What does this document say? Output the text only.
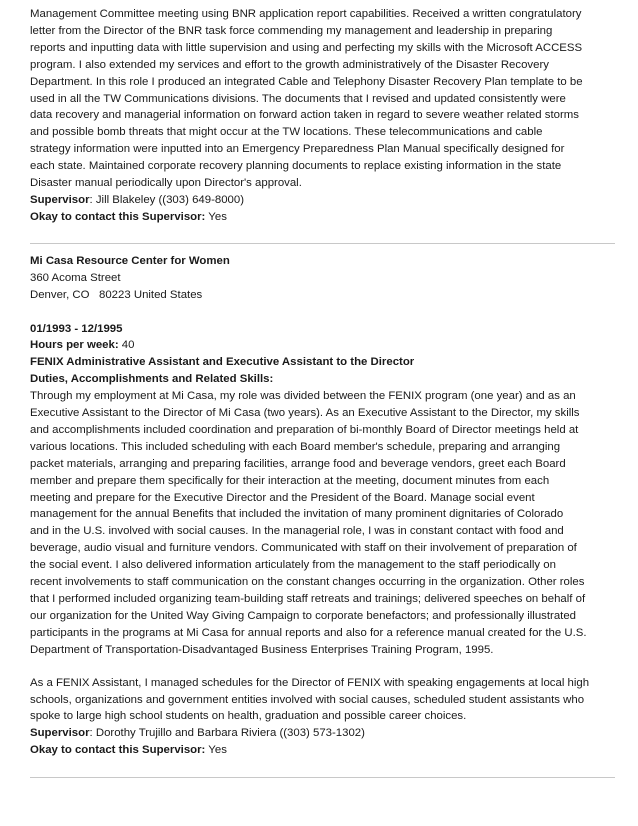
Management Committee meeting using BNR application report capabilities. Received a written congratulatory
letter from the Director of the BNR task force commending my management and leadership in preparing
reports and inputting data with little supervision and using and perfecting my skills with the Microsoft ACCESS
program. I also extended my services and effort to the growth administratively of the Disaster Recovery
Department. In this role I produced an integrated Cable and Telephony Disaster Recovery Plan template to be
used in all the TW Communications divisions. The documents that I revised and updated consistently were
data recovery and managerial information on forward action taken in regard to severe weather related storms
and possible bomb threats that might occur at the TW locations. These telecommunications and cable
strategy information were inputted into an Emergency Preparedness Plan Manual specifically designed for
each state. Maintained corporate recovery planning documents to replace existing information in the state
Disaster manual periodically upon Director's approval.
Supervisor: Jill Blakeley ((303) 649-8000)
Okay to contact this Supervisor: Yes
Mi Casa Resource Center for Women
360 Acoma Street
Denver, CO   80223 United States
01/1993 - 12/1995
Hours per week: 40
FENIX Administrative Assistant and Executive Assistant to the Director
Duties, Accomplishments and Related Skills:
Through my employment at Mi Casa, my role was divided between the FENIX program (one year) and as an
Executive Assistant to the Director of Mi Casa (two years). As an Executive Assistant to the Director, my skills
and accomplishments included coordination and preparation of bi-monthly Board of Director meetings held at
various locations. This included scheduling with each Board member's schedule, preparing and arranging
packet materials, arranging and preparing facilities, arrange food and beverage vendors, greet each Board
member and prepare them specifically for their interaction at the meeting, document minutes from each
meeting and prepare for the Executive Director and the President of the Board. Manage social event
management for the annual Benefits that included the invitation of many prominent dignitaries of Colorado
and in the U.S. involved with social causes. In the managerial role, I was in constant contact with food and
beverage, audio visual and furniture vendors. Communicated with staff on their involvement of preparation of
the social event. I also delivered information articulately from the management to the staff periodically on
recent involvements to staff communication on the constant changes occurring in the organization. Other roles
that I performed included organizing team-building staff retreats and trainings; delivered speeches on behalf of
our organization for the United Way Giving Campaign to corporate benefactors; and professionally illustrated
participants in the programs at Mi Casa for annual reports and also for a reference manual created for the U.S.
Department of Transportation-Disadvantaged Business Enterprises Training Program, 1995.
As a FENIX Assistant, I managed schedules for the Director of FENIX with speaking engagements at local high
schools, organizations and government entities involved with social causes, scheduled student assistants who
spoke to large high school students on health, graduation and possible career choices.
Supervisor: Dorothy Trujillo and Barbara Riviera ((303) 573-1302)
Okay to contact this Supervisor: Yes
